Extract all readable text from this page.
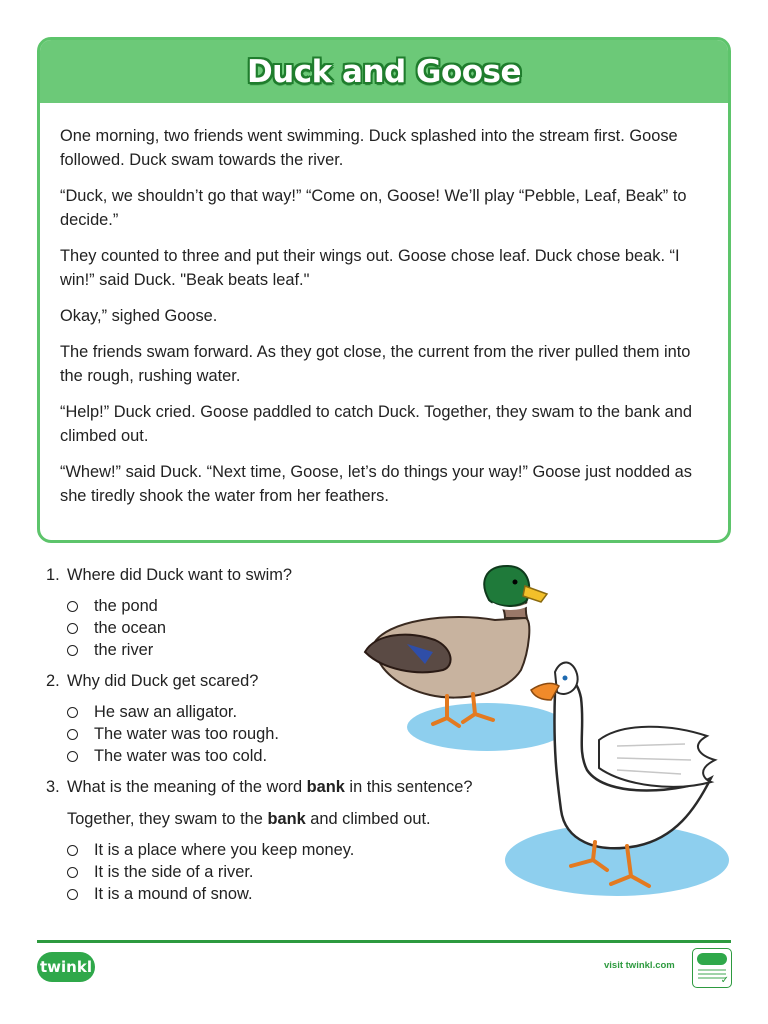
Duck and Goose

One morning, two friends went swimming. Duck splashed into the stream first. Goose followed. Duck swam towards the river.

“Duck, we shouldn’t go that way!” “Come on, Goose! We’ll play “Pebble, Leaf, Beak” to decide.”

They counted to three and put their wings out. Goose chose leaf. Duck chose beak. “I win!” said Duck. "Beak beats leaf."

Okay,” sighed Goose.

The friends swam forward. As they got close, the current from the river pulled them into the rough, rushing water.

“Help!” Duck cried. Goose paddled to catch Duck. Together, they swam to the bank and climbed out.

“Whew!” said Duck. “Next time, Goose, let’s do things your way!” Goose just nodded as she tiredly shook the water from her feathers.

1. Where did Duck want to swim?
the pond
the ocean
the river
2. Why did Duck get scared?
He saw an alligator.
The water was too rough.
The water was too cold.
3. What is the meaning of the word bank in this sentence?
Together, they swam to the bank and climbed out.
It is a place where you keep money.
It is the side of a river.
It is a mound of snow.
twinkl	visit twinkl.com
✓
